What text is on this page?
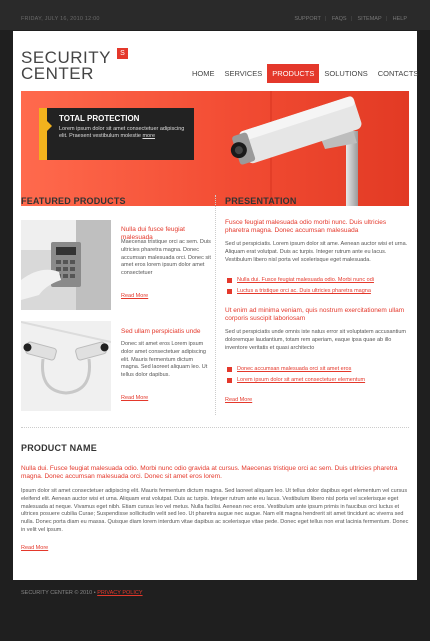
FRIDAY, JULY 16, 2010 12:00	SUPPORT | FAQS | SITEMAP | HELP
SECURITY
CENTER
S
HOME	SERVICES	PRODUCTS	SOLUTIONS	CONTACTS
TOTAL PROTECTION
Lorem ipsum dolor sit amet consectetuer adipiscing elit. Praesent vestibulum molestie more
FEATURED PRODUCTS
Nulla dui fusce feugiat malesuada
Maecenas tristique orci ac sem. Duis ultricies pharetra magna. Donec accumsan malesuada orci. Donec sit amet eros lorem ipsum dolor amet consectetuer
Read More
Sed ullam perspiciatis unde
Donec sit amet eros Lorem ipsum dolor amet consectetuer adipiscing elit. Mauris fermentum dictum magna. Sed laoreet aliquam leo. Ut tellus dolor dapibus.
Read More
PRESENTATION
Fusce feugiat malesuada odio morbi nunc. Duis ultricies pharetra magna. Donec accumsan malesuada
Sed ut perspiciatis. Lorem ipsum dolor sit ame. Aenean auctor wisi et urna. Aliquam erat volutpat. Duis ac turpis. Integer rutrum ante eu lacus. Vestibulum libero nisl porta vel scelerisque eget malesuada.
Nulla dui. Fusce feugiat malesuada odio. Morbi nunc odi
Luctus a tristique orci ac. Duis ultricies pharetra magna
Ut enim ad minima veniam, quis nostrum exercitationem ullam corporis suscipit laboriosam
Sed ut perspiciatis unde omnis iste natus error sit voluptatem accusantium doloremque laudantium, totam rem aperiam, eaque ipsa quae ab illo inventore veritatis et quasi architecto
Donec accumsan malesuada orci sit amet eros
Lorem ipsum dolor sit amet consectetuer elementum
Read More
PRODUCT NAME
Nulla dui. Fusce feugiat malesuada odio. Morbi nunc odio gravida at cursus. Maecenas tristique orci ac sem. Duis ultricies pharetra magna. Donec accumsan malesuada orci. Donec sit amet eros lorem.
Ipsum dolor sit amet consectetuer adipiscing elit. Mauris fermentum dictum magna. Sed laoreet aliquam leo. Ut tellus dolor dapibus eget elementum vel cursus eleifend elit. Aenean auctor wisi et urna. Aliquam erat volutpat. Duis ac turpis. Integer rutrum ante eu lacus. Vestibulum libero nisl porta vel scelerisque eget malesuada at neque. Vivamus eget nibh. Etiam cursus leo vel metus. Nulla facilisi. Aenean nec eros. Vestibulum ante ipsum primis in faucibus orci luctus et ultrices posuere cubilia Curae; Suspendisse sollicitudin velit sed leo. Ut pharetra augue nec augue. Nam elit magna hendrerit sit amet tincidunt ac viverra sed nulla. Donec porta diam eu massa. Quisque diam lorem interdum vitae dapibus ac scelerisque vitae pede. Donec eget tellus non erat lacinia fermentum. Donec in velit vel ipsum.
Read More
SECURITY CENTER © 2010 • PRIVACY POLICY
